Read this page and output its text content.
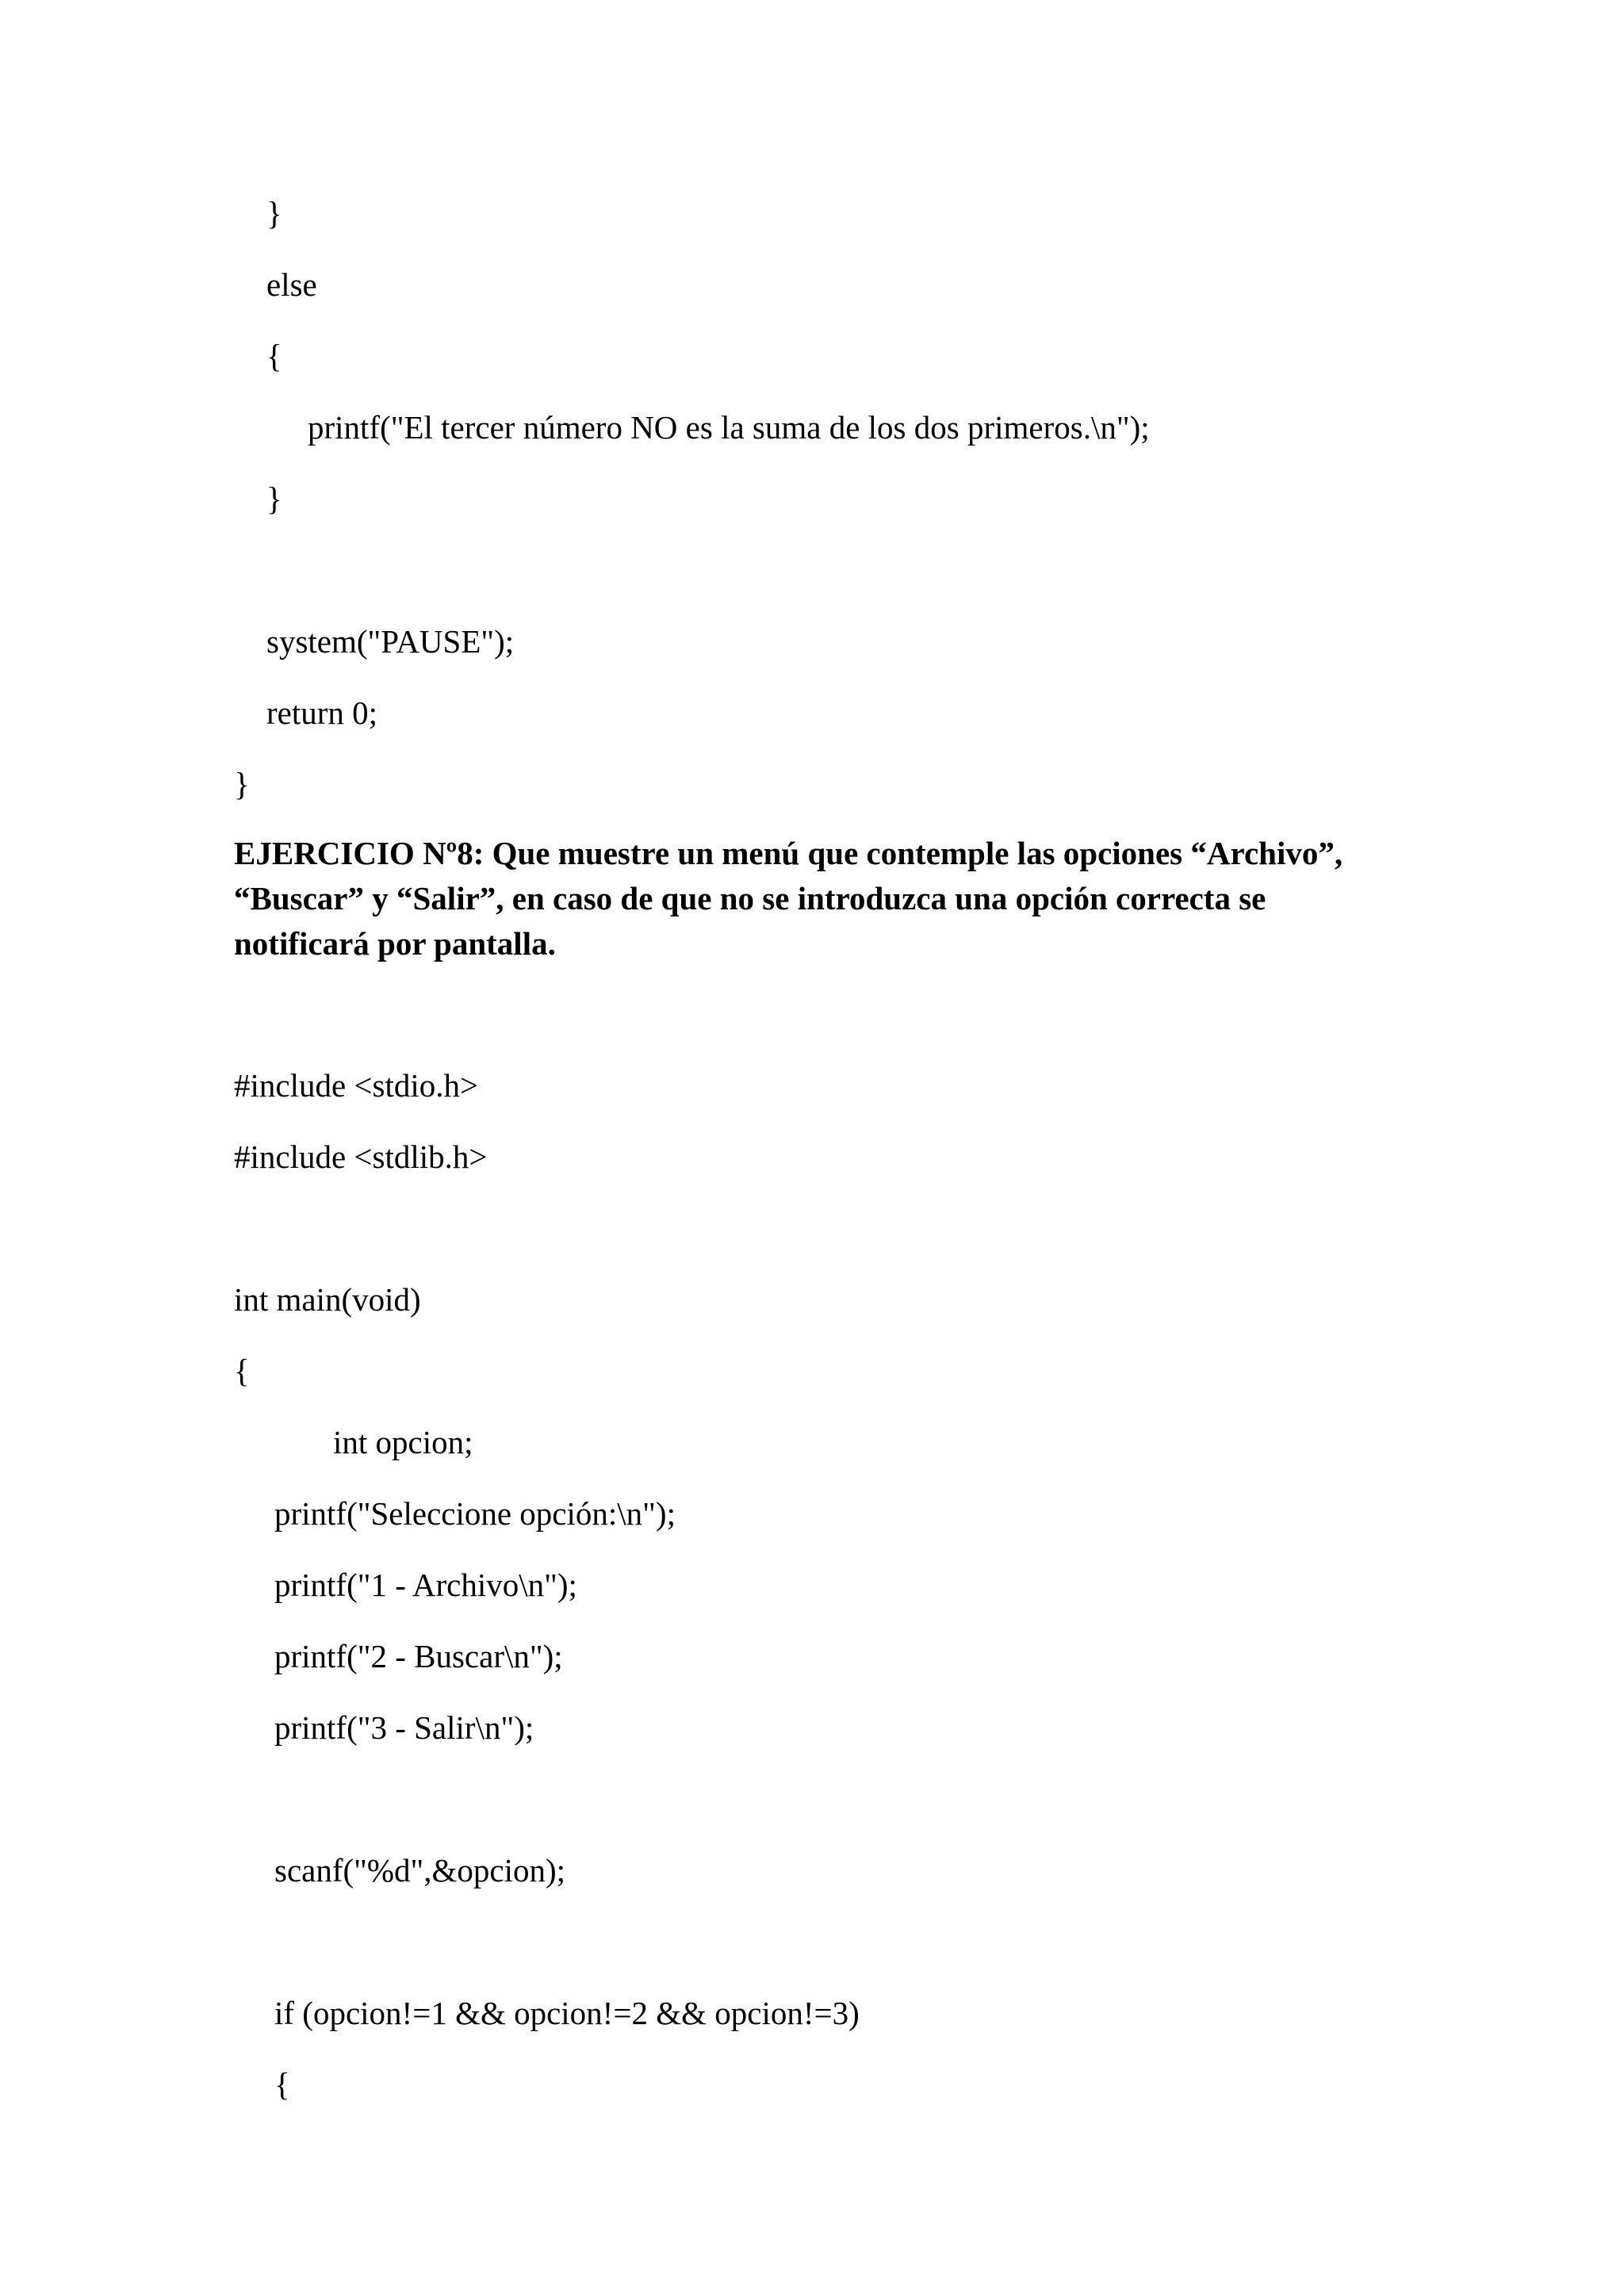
}
else
{
printf("El tercer número NO es la suma de los dos primeros.\n");
}
system("PAUSE");
return 0;
}
EJERCICIO Nº8: Que muestre un menú que contemple las opciones “Archivo”, “Buscar” y “Salir”, en caso de que no se introduzca una opción correcta se notificará por pantalla.
#include <stdio.h>
#include <stdlib.h>
int main(void)
{
int opcion;
printf("Seleccione opción:\n");
printf("1 - Archivo\n");
printf("2 - Buscar\n");
printf("3 - Salir\n");
scanf("%d",&opcion);
if (opcion!=1 && opcion!=2 && opcion!=3)
{
